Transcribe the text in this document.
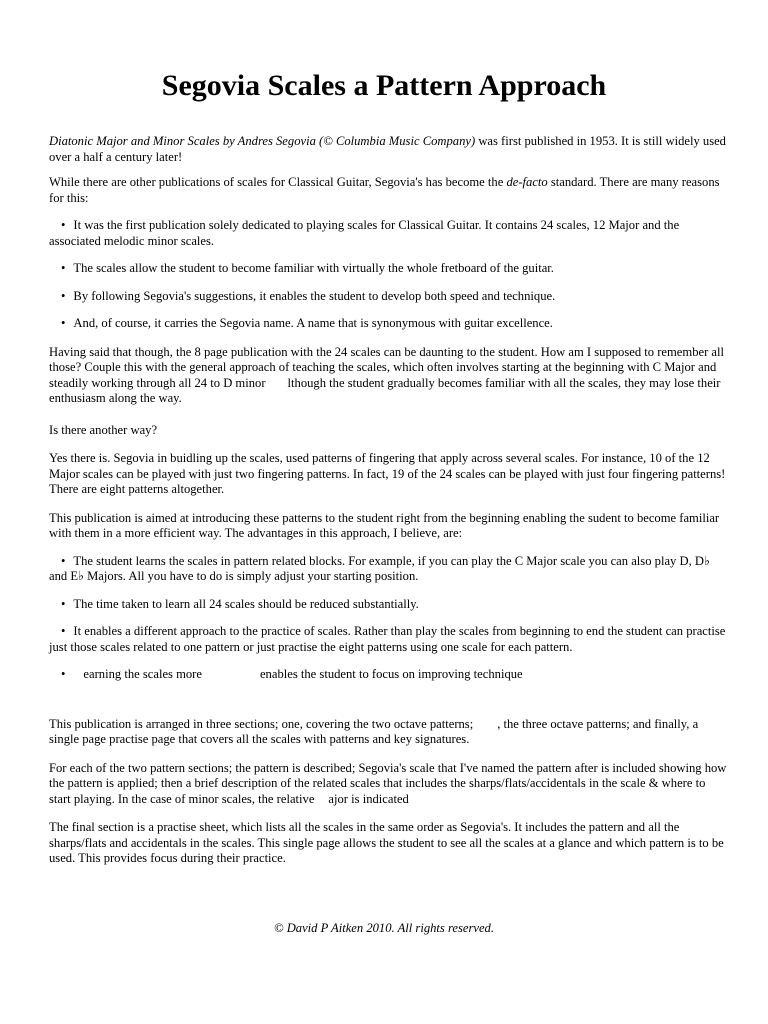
Segovia Scales a Pattern Approach

Diatonic Major and Minor Scales by Andres Segovia (© Columbia Music Company) was first published in 1953. It is still widely used over a half a century later!

While there are other publications of scales for Classical Guitar, Segovia's has become the de-facto standard. There are many reasons for this:

• It was the first publication solely dedicated to playing scales for Classical Guitar. It contains 24 scales, 12 Major and the associated melodic minor scales.

• The scales allow the student to become familiar with virtually the whole fretboard of the guitar.

• By following Segovia's suggestions, it enables the student to develop both speed and technique.

• And, of course, it carries the Segovia name. A name that is synonymous with guitar excellence.

Having said that though, the 8 page publication with the 24 scales can be daunting to the student. How am I supposed to remember all those? Couple this with the general approach of teaching the scales, which often involves starting at the beginning with C Major and steadily working through all 24 to D minor lthough the student gradually becomes familiar with all the scales, they may lose their enthusiasm along the way.

Is there another way?

Yes there is. Segovia in buidling up the scales, used patterns of fingering that apply across several scales. For instance, 10 of the 12 Major scales can be played with just two fingering patterns. In fact, 19 of the 24 scales can be played with just four fingering patterns! There are eight patterns altogether.

This publication is aimed at introducing these patterns to the student right from the beginning enabling the sudent to become familiar with them in a more efficient way. The advantages in this approach, I believe, are:

• The student learns the scales in pattern related blocks. For example, if you can play the C Major scale you can also play D, D♭ and E♭ Majors. All you have to do is simply adjust your starting position.

• The time taken to learn all 24 scales should be reduced substantially.

• It enables a different approach to the practice of scales. Rather than play the scales from beginning to end the student can practise just those scales related to one pattern or just practise the eight patterns using one scale for each pattern.

• earning the scales more	enables the student to focus on improving technique

This publication is arranged in three sections; one, covering the two octave patterns; , the three octave patterns; and finally, a single page practise page that covers all the scales with patterns and key signatures.

For each of the two pattern sections; the pattern is described; Segovia's scale that I've named the pattern after is included showing how the pattern is applied; then a brief description of the related scales that includes the sharps/flats/accidentals in the scale & where to start playing. In the case of minor scales, the relative ajor is indicated

The final section is a practise sheet, which lists all the scales in the same order as Segovia's. It includes the pattern and all the sharps/flats and accidentals in the scales. This single page allows the student to see all the scales at a glance and which pattern is to be used. This provides focus during their practice.

© David P Aitken 2010. All rights reserved.
